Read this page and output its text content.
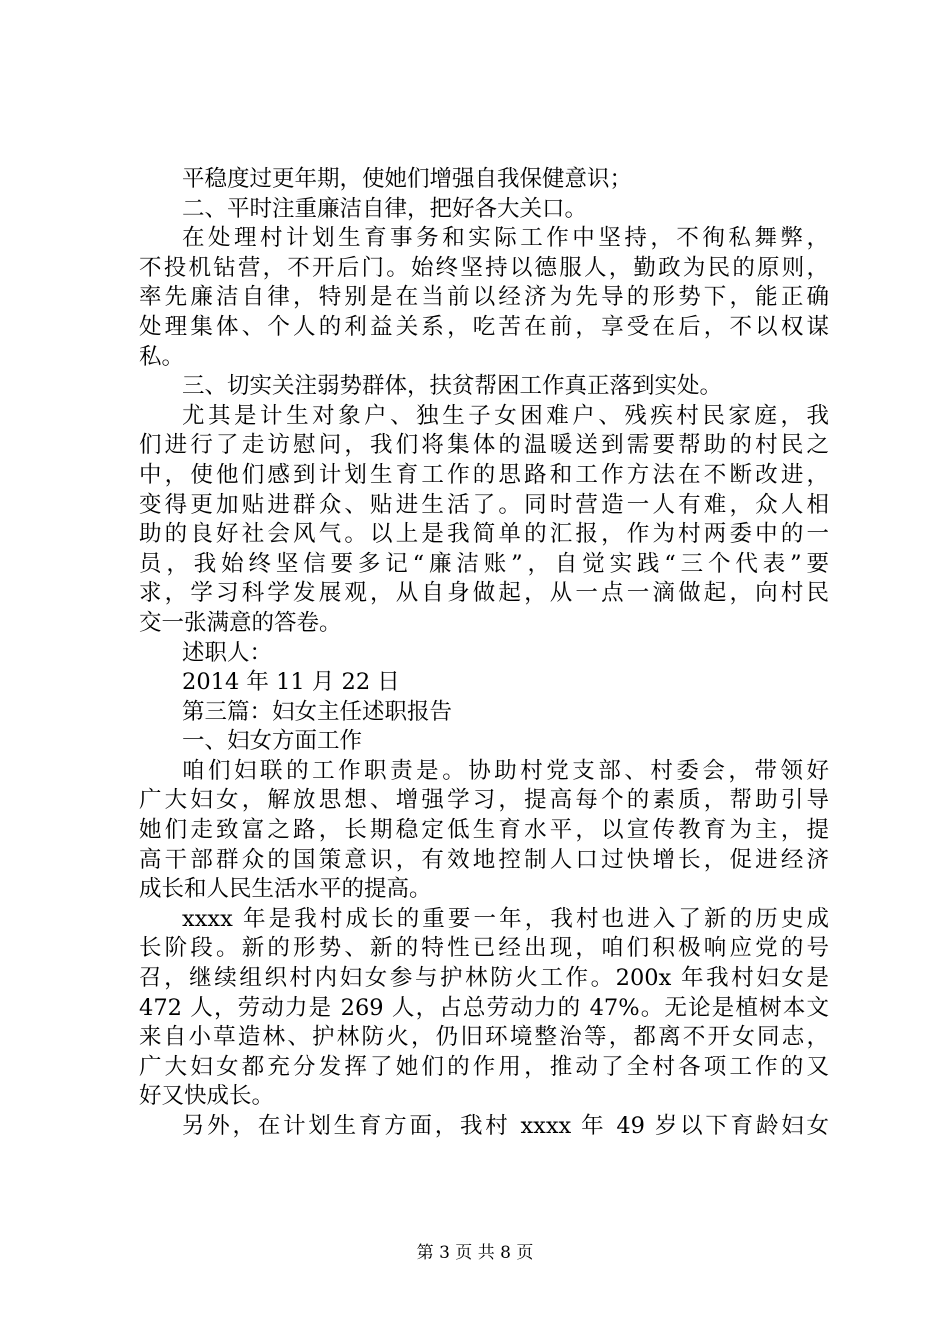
平稳度过更年期，使她们增强自我保健意识；
二、平时注重廉洁自律，把好各大关口。
在处理村计划生育事务和实际工作中坚持，不徇私舞弊，
不投机钻营，不开后门。始终坚持以德服人，勤政为民的原则，
率先廉洁自律，特别是在当前以经济为先导的形势下，能正确
处理集体、个人的利益关系，吃苦在前，享受在后，不以权谋
私。
三、切实关注弱势群体，扶贫帮困工作真正落到实处。
尤其是计生对象户、独生子女困难户、残疾村民家庭，我
们进行了走访慰问，我们将集体的温暖送到需要帮助的村民之
中，使他们感到计划生育工作的思路和工作方法在不断改进，
变得更加贴进群众、贴进生活了。同时营造一人有难，众人相
助的良好社会风气。以上是我简单的汇报，作为村两委中的一
员，我始终坚信要多记“廉洁账”，自觉实践“三个代表”要
求，学习科学发展观，从自身做起，从一点一滴做起，向村民
交一张满意的答卷。
述职人：
2014 年 11 月 22 日
第三篇：妇女主任述职报告
一、妇女方面工作
咱们妇联的工作职责是。协助村党支部、村委会，带领好
广大妇女，解放思想、增强学习，提高每个的素质，帮助引导
她们走致富之路，长期稳定低生育水平，以宣传教育为主，提
高干部群众的国策意识，有效地控制人口过快增长，促进经济
成长和人民生活水平的提高。
xxxx 年是我村成长的重要一年，我村也进入了新的历史成
长阶段。新的形势、新的特性已经出现，咱们积极响应党的号
召，继续组织村内妇女参与护林防火工作。200x 年我村妇女是
472 人，劳动力是 269 人，占总劳动力的 47%。无论是植树本文
来自小草造林、护林防火，仍旧环境整治等，都离不开女同志，
广大妇女都充分发挥了她们的作用，推动了全村各项工作的又
好又快成长。
另外，在计划生育方面，我村 xxxx 年 49 岁以下育龄妇女
第 3 页 共 8 页
